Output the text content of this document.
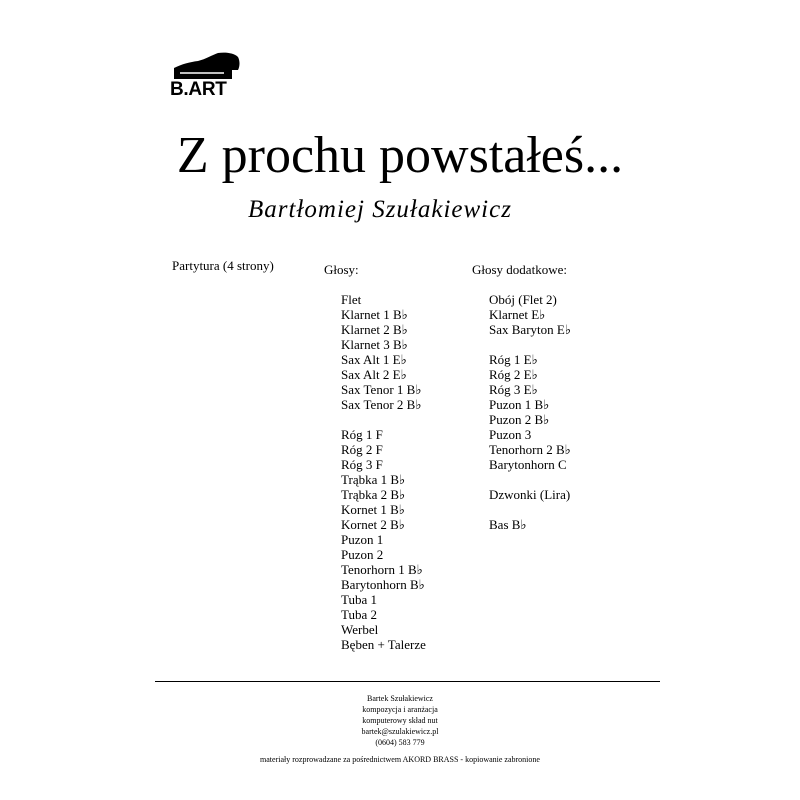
B.ART
Z prochu powstałeś...
Bartłomiej Szułakiewicz
Partytura (4 strony)	Głosy:
Flet
Klarnet 1 B♭
Klarnet 2 B♭
Klarnet 3 B♭
Sax Alt 1 E♭
Sax Alt 2 E♭
Sax Tenor 1 B♭
Sax Tenor 2 B♭
Róg 1 F
Róg 2 F
Róg 3 F
Trąbka 1 B♭
Trąbka 2 B♭
Kornet 1 B♭
Kornet 2 B♭
Puzon 1
Puzon 2
Tenorhorn 1 B♭
Barytonhorn B♭
Tuba 1
Tuba 2
Werbel
Bęben + Talerze
Głosy dodatkowe:
Obój (Flet 2)
Klarnet E♭
Sax Baryton E♭
Róg 1 E♭
Róg 2 E♭
Róg 3 E♭
Puzon 1 B♭
Puzon 2 B♭
Puzon 3
Tenorhorn 2 B♭
Barytonhorn C
Dzwonki (Lira)
Bas B♭
Bartek Szułakiewicz
kompozycja i aranżacja
komputerowy skład nut
bartek@szulakiewicz.pl
(0604) 583 779
materiały rozprowadzane za pośrednictwem AKORD BRASS - kopiowanie zabronione
